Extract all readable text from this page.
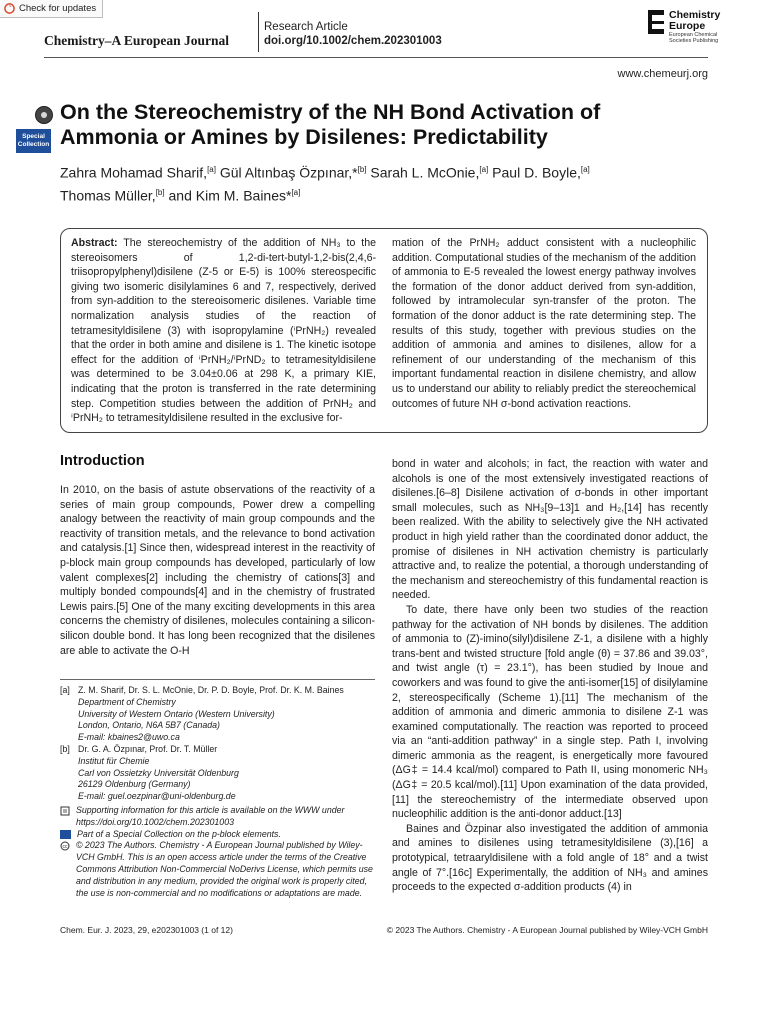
Check for updates
Chemistry–A European Journal
Research Article
doi.org/10.1002/chem.202301003
Chemistry
Europe
European Chemical
Societies Publishing
www.chemeurj.org
Special
Collection
On the Stereochemistry of the NH Bond Activation of Ammonia or Amines by Disilenes: Predictability
Zahra Mohamad Sharif,[a] Gül Altınbaş Özpınar,*[b] Sarah L. McOnie,[a] Paul D. Boyle,[a]
Thomas Müller,[b] and Kim M. Baines*[a]
Abstract: The stereochemistry of the addition of NH₃ to the stereoisomers of 1,2-di-tert-butyl-1,2-bis(2,4,6-triisopropylphenyl)disilene (Z-5 or E-5) is 100% stereospecific giving two isomeric disilylamines 6 and 7, respectively, derived from syn-addition to the stereoisomeric disilenes. Variable time normalization analysis studies of the reaction of tetramesityldisilene (3) with isopropylamine (ⁱPrNH₂) revealed that the order in both amine and disilene is 1. The kinetic isotope effect for the addition of ⁱPrNH₂/ⁱPrND₂ to tetramesityldisilene was determined to be 3.04±0.06 at 298 K, a primary KIE, indicating that the proton is transferred in the rate determining step. Competition studies between the addition of PrNH₂ and ⁱPrNH₂ to tetramesityldisilene resulted in the exclusive for-
mation of the PrNH₂ adduct consistent with a nucleophilic addition. Computational studies of the mechanism of the addition of ammonia to E-5 revealed the lowest energy pathway involves the formation of the donor adduct derived from syn-addition, followed by intramolecular syn-transfer of the proton. The formation of the donor adduct is the rate determining step. The results of this study, together with previous studies on the addition of ammonia and amines to disilenes, allow for a refinement of our understanding of the mechanism of this important fundamental reaction in disilene chemistry, and allow us to understand our ability to reliably predict the stereochemical outcomes of future NH σ-bond activation reactions.
Introduction

In 2010, on the basis of astute observations of the reactivity of a series of main group compounds, Power drew a compelling analogy between the reactivity of main group compounds and the reactivity of transition metals, and the relevance to bond activation and catalysis.[1] Since then, widespread interest in the reactivity of p-block main group compounds has developed, particularly of low valent complexes[2] including the chemistry of cations[3] and multiply bonded compounds[4] and in the chemistry of frustrated Lewis pairs.[5] One of the many exciting developments in this area concerns the chemistry of disilenes, molecules containing a silicon-silicon double bond. It has long been recognized that the disilenes are able to activate the O-H

bond in water and alcohols; in fact, the reaction with water and alcohols is one of the most extensively investigated reactions of disilenes.[6–8] Disilene activation of σ-bonds in other important small molecules, such as NH₃[9–13]1 and H₂,[14] has recently been realized. With the ability to selectively give the NH activated product in high yield rather than the coordinated donor adduct, the promise of disilenes in NH activation chemistry is particularly attractive and, to realize the potential, a thorough understanding of the mechanism and stereochemistry of this fundamental reaction is needed.

To date, there have only been two studies of the reaction pathway for the activation of NH bonds by disilenes. The addition of ammonia to (Z)-imino(silyl)disilene Z-1, a disilene with a highly trans-bent and twisted structure [fold angle (θ) = 37.86 and 39.03°, and twist angle (τ) = 23.1°), has been studied by Inoue and coworkers and was found to give the anti-isomer[15] of disilylamine 2, stereospecifically (Scheme 1).[11] The mechanism of the addition of ammonia and dimeric ammonia to disilene Z-1 was examined computationally. The reaction was reported to proceed via an “anti-addition pathway” in a single step. Path I, involving dimeric ammonia as the reagent, is energetically more favoured (ΔG‡ = 14.4 kcal/mol) compared to Path II, using monomeric NH₃ (ΔG‡ = 20.5 kcal/mol).[11] Upon examination of the data provided,[11] the stereochemistry of the intermediate observed upon nucleophilic addition is the anti-donor adduct.[13]

Baines and Özpinar also investigated the addition of ammonia and amines to disilenes using tetramesityldisilene (3),[16] a prototypical, tetraaryldisilene with a fold angle of 18° and a twist angle of 7°.[16c] Experimentally, the addition of NH₃ and amines proceeds to the expected σ-addition products (4) in

[a] Z. M. Sharif, Dr. S. L. McOnie, Dr. P. D. Boyle, Prof. Dr. K. M. Baines
Department of Chemistry
University of Western Ontario (Western University)
London, Ontario, N6A 5B7 (Canada)
E-mail: kbaines2@uwo.ca
[b] Dr. G. A. Özpınar, Prof. Dr. T. Müller
Institut für Chemie
Carl von Ossietzky Universität Oldenburg
26129 Oldenburg (Germany)
E-mail: guel.oezpinar@uni-oldenburg.de
Supporting information for this article is available on the WWW under https://doi.org/10.1002/chem.202301003
Part of a Special Collection on the p-block elements.
cc © 2023 The Authors. Chemistry - A European Journal published by Wiley-VCH GmbH. This is an open access article under the terms of the Creative Commons Attribution Non-Commercial NoDerivs License, which permits use and distribution in any medium, provided the original work is properly cited, the use is non-commercial and no modifications or adaptations are made.
Chem. Eur. J. 2023, 29, e202301003 (1 of 12)	© 2023 The Authors. Chemistry - A European Journal published by Wiley-VCH GmbH
